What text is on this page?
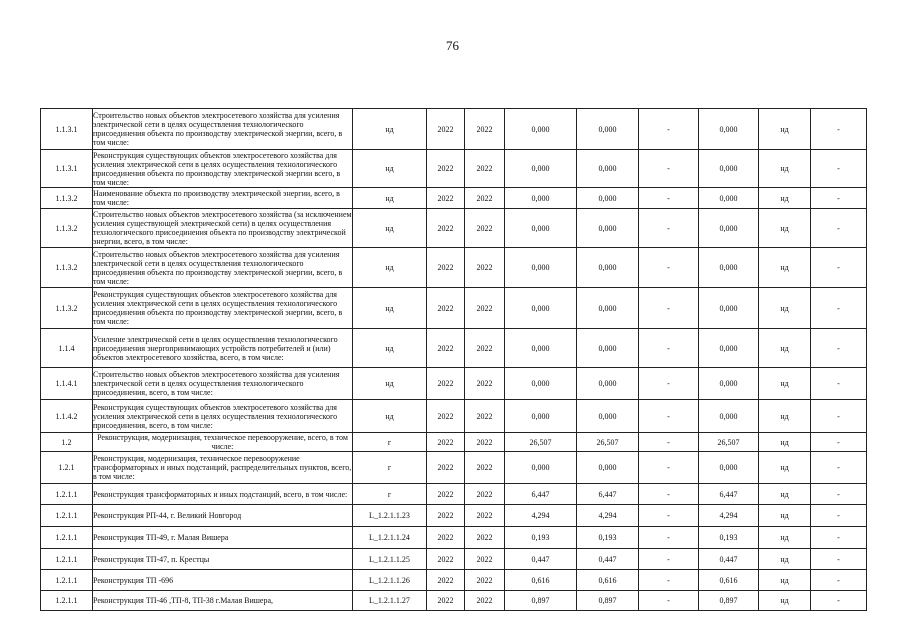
76
1.1.3.1	Строительство новых объектов электросетевого хозяйства для усиления электрической сети в целях осуществления технологического присоединения объекта по производству электрической энергии, всего, в том числе:	нд	2022	2022	0,000	0,000	-	0,000	нд	-
1.1.3.1	Реконструкция существующих объектов электросетевого хозяйства для усиления электрической сети в целях осуществления технологического присоединения объекта по производству электрической энергии всего, в том числе:	нд	2022	2022	0,000	0,000	-	0,000	нд	-
1.1.3.2	Наименование объекта по производству электрической энергии, всего, в том числе:	нд	2022	2022	0,000	0,000	-	0,000	нд	-
1.1.3.2	Строительство новых объектов электросетевого хозяйства (за исключением усиления существующей электрической сети) в целях осуществления технологического присоединения объекта по производству электрической энергии, всего, в том числе:	нд	2022	2022	0,000	0,000	-	0,000	нд	-
1.1.3.2	Строительство новых объектов электросетевого хозяйства для усиления электрической сети в целях осуществления технологического присоединения объекта по производству электрической энергии, всего, в том числе:	нд	2022	2022	0,000	0,000	-	0,000	нд	-
1.1.3.2	Реконструкция существующих объектов электросетевого хозяйства для усиления электрической сети в целях осуществления технологического присоединения объекта по производству электрической энергии, всего, в том числе:	нд	2022	2022	0,000	0,000	-	0,000	нд	-
1.1.4	Усиление электрической сети в целях осуществления технологического присоединения энергопринимающих устройств потребителей и (или) объектов электросетевого хозяйства, всего, в том числе:	нд	2022	2022	0,000	0,000	-	0,000	нд	-
1.1.4.1	Строительство новых объектов электросетевого хозяйства для усиления электрической сети в целях осуществления технологического присоединения, всего, в том числе:	нд	2022	2022	0,000	0,000	-	0,000	нд	-
1.1.4.2	Реконструкция существующих объектов электросетевого хозяйства для усиления электрической сети в целях осуществления технологического присоединения, всего, в том числе:	нд	2022	2022	0,000	0,000	-	0,000	нд	-
1.2	Реконструкция, модернизация, техническое перевооружение, всего, в том числе:	г	2022	2022	26,507	26,507	-	26,507	нд	-
1.2.1	Реконструкция, модернизация, техническое перевооружение трансформаторных и иных подстанций, распределительных пунктов, всего, в том числе:	г	2022	2022	0,000	0,000	-	0,000	нд	-
1.2.1.1	Реконструкция трансформаторных и иных подстанций, всего, в том числе:	г	2022	2022	6,447	6,447	-	6,447	нд	-
1.2.1.1	Реконструкция РП-44, г. Великий Новгород	L_1.2.1.1.23	2022	2022	4,294	4,294	-	4,294	нд	-
1.2.1.1	Реконструкция ТП-49, г. Малая Вишера	L_1.2.1.1.24	2022	2022	0,193	0,193	-	0,193	нд	-
1.2.1.1	Реконструкция ТП-47, п. Крестцы	L_1.2.1.1.25	2022	2022	0,447	0,447	-	0,447	нд	-
1.2.1.1	Реконструкция ТП -696	L_1.2.1.1.26	2022	2022	0,616	0,616	-	0,616	нд	-
1.2.1.1	Реконструкция ТП-46 ,ТП-8, ТП-38 г.Малая Вишера,	L_1.2.1.1.27	2022	2022	0,897	0,897	-	0,897	нд	-
